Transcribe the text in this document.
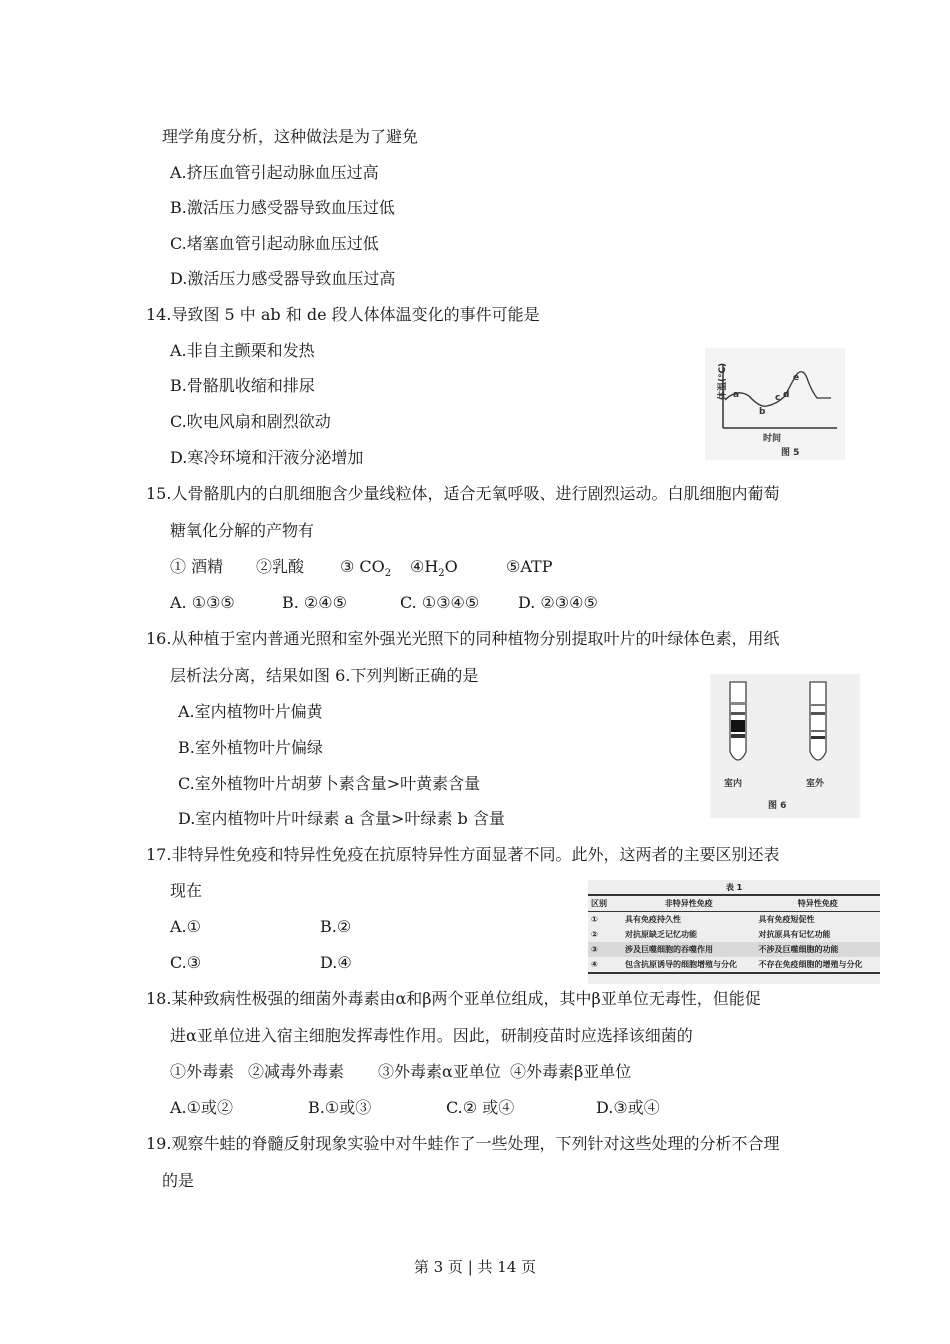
理学角度分析，这种做法是为了避免
A.挤压血管引起动脉血压过高
B.激活压力感受器导致血压过低
C.堵塞血管引起动脉血压过低
D.激活压力感受器导致血压过高
14.导致图 5 中 ab 和 de 段人体体温变化的事件可能是
A.非自主颤栗和发热
B.骨骼肌收缩和排尿
C.吹电风扇和剧烈欲动
D.寒冷环境和汗液分泌增加
体温(℃) a
b
c d
e
时间
图 5
15.人骨骼肌内的白肌细胞含少量线粒体，适合无氧呼吸、进行剧烈运动。白肌细胞内葡萄
糖氧化分解的产物有
① 酒精 ②乳酸	③ $CO_2$ $④H_2O$	⑤ATP
A. ①③⑤	B. ②④⑤	C. ①③④⑤ D. ②③④⑤
16.从种植于室内普通光照和室外强光光照下的同种植物分别提取叶片的叶绿体色素，用纸
层析法分离，结果如图 6.下列判断正确的是
A.室内植物叶片偏黄
B.室外植物叶片偏绿
C.室外植物叶片胡萝卜素含量>叶黄素含量
D.室内植物叶片叶绿素 a 含量>叶绿素 b 含量
室内	室外
图 6
17.非特异性免疫和特异性免疫在抗原特异性方面显著不同。此外，这两者的主要区别还表
现在
A.①	B.②
C.③	D.④
表 1
区别	非特异性免疫	特异性免疫
①	具有免疫持久性	具有免疫短促性
②	对抗原缺乏记忆功能	对抗原具有记忆功能
③	涉及巨噬细胞的吞噬作用	不涉及巨噬细胞的功能
④	包含抗原诱导的细胞增殖与分化	不存在免疫细胞的增殖与分化
18.某种致病性极强的细菌外毒素由α和β两个亚单位组成，其中β亚单位无毒性，但能促
进α亚单位进入宿主细胞发挥毒性作用。因此，研制疫苗时应选择该细菌的
①外毒素 ②减毒外毒素 ③外毒素α亚单位 ④外毒素β亚单位
A.①或②	B.①或③	C.② 或④	D.③或④
19.观察牛蛙的脊髓反射现象实验中对牛蛙作了一些处理，下列针对这些处理的分析不合理
的是
第 3 页 | 共 14 页
